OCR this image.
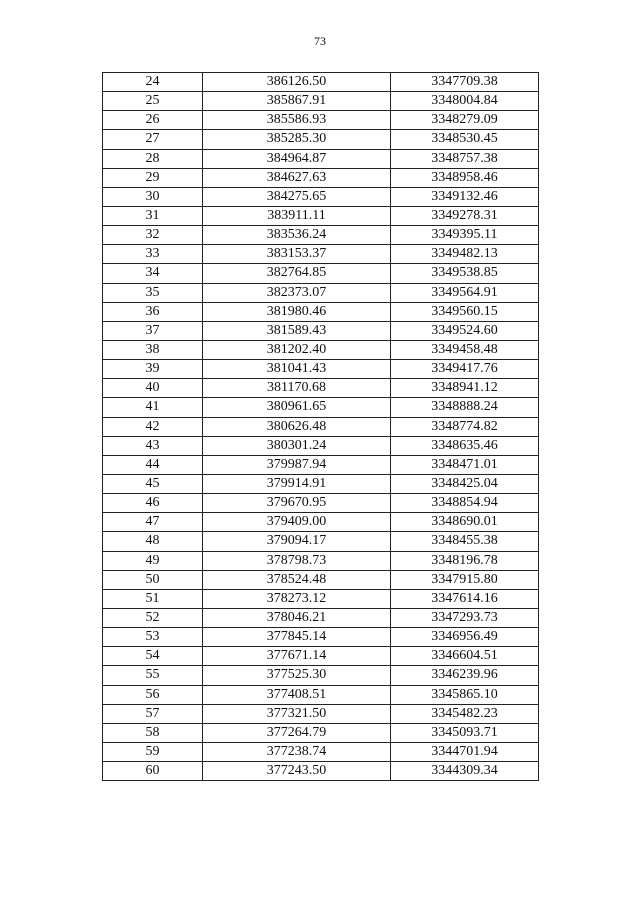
73
24	386126.50	3347709.38
25	385867.91	3348004.84
26	385586.93	3348279.09
27	385285.30	3348530.45
28	384964.87	3348757.38
29	384627.63	3348958.46
30	384275.65	3349132.46
31	383911.11	3349278.31
32	383536.24	3349395.11
33	383153.37	3349482.13
34	382764.85	3349538.85
35	382373.07	3349564.91
36	381980.46	3349560.15
37	381589.43	3349524.60
38	381202.40	3349458.48
39	381041.43	3349417.76
40	381170.68	3348941.12
41	380961.65	3348888.24
42	380626.48	3348774.82
43	380301.24	3348635.46
44	379987.94	3348471.01
45	379914.91	3348425.04
46	379670.95	3348854.94
47	379409.00	3348690.01
48	379094.17	3348455.38
49	378798.73	3348196.78
50	378524.48	3347915.80
51	378273.12	3347614.16
52	378046.21	3347293.73
53	377845.14	3346956.49
54	377671.14	3346604.51
55	377525.30	3346239.96
56	377408.51	3345865.10
57	377321.50	3345482.23
58	377264.79	3345093.71
59	377238.74	3344701.94
60	377243.50	3344309.34
